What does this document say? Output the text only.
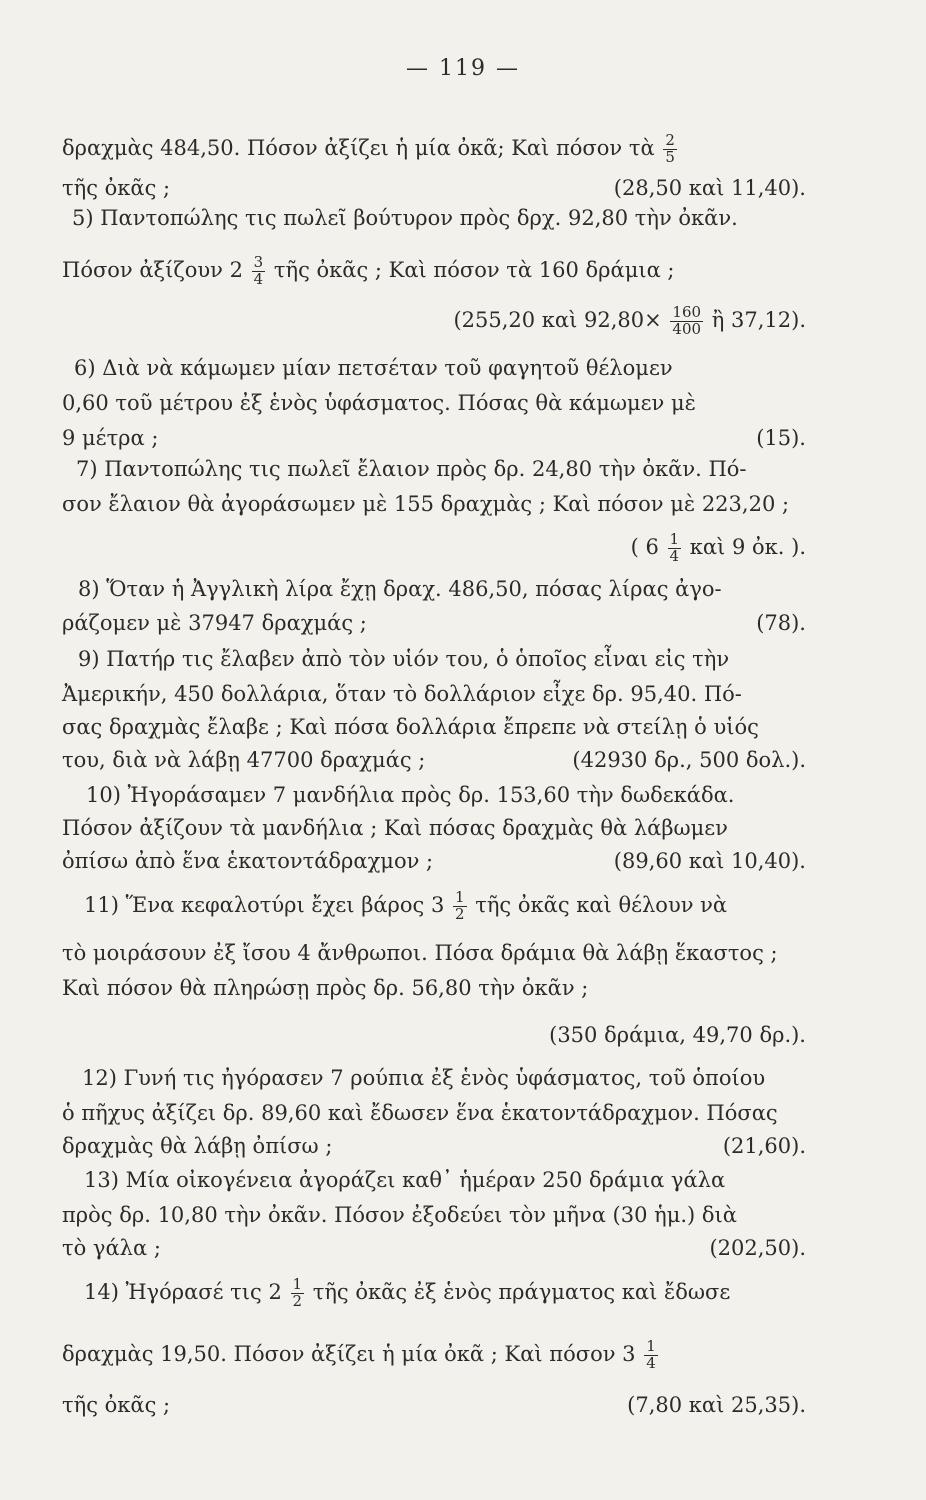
— 119 —
δραχμὰς 484,50. Πόσον ἀξίζει ἡ μία ὀκᾶ; Καὶ πόσον τὰ $\frac{2}{5}$
τῆς ὀκᾶς ;	(28,50 καὶ 11,40).
5) Παντοπώλης τις πωλεῖ βούτυρον πρὸς δρχ. 92,80 τὴν ὀκᾶν.
Πόσον ἀξίζουν $2 \frac{3}{4}$ τῆς ὀκᾶς ; Καὶ πόσον τὰ 160 δράμια ;
(255,20 καὶ $92,80\times \frac{160}{400}$ ἢ 37,12).
6) Διὰ νὰ κάμωμεν μίαν πετσέταν τοῦ φαγητοῦ θέλομεν
0,60 τοῦ μέτρου ἐξ ἑνὸς ὑφάσματος. Πόσας θὰ κάμωμεν μὲ
9 μέτρα ;	(15).
7) Παντοπώλης τις πωλεῖ ἔλαιον πρὸς δρ. 24,80 τὴν ὀκᾶν. Πό-
σον ἔλαιον θὰ ἀγοράσωμεν μὲ 155 δραχμὰς ; Καὶ πόσον μὲ 223,20 ;
( $6 \frac{1}{4}$ καὶ 9 ὀκ. ).
8) Ὅταν ἡ Ἀγγλικὴ λίρα ἔχῃ δραχ. 486,50, πόσας λίρας ἀγο-
ράζομεν μὲ 37947 δραχμάς ;	(78).
9) Πατήρ τις ἔλαβεν ἀπὸ τὸν υἱόν του, ὁ ὁποῖος εἶναι εἰς τὴν
Ἀμερικήν, 450 δολλάρια, ὅταν τὸ δολλάριον εἶχε δρ. 95,40. Πό-
σας δραχμὰς ἔλαβε ; Καὶ πόσα δολλάρια ἔπρεπε νὰ στείλῃ ὁ υἱός
του, διὰ νὰ λάβῃ 47700 δραχμάς ;	(42930 δρ., 500 δολ.).
10) Ἠγοράσαμεν 7 μανδήλια πρὸς δρ. 153,60 τὴν δωδεκάδα.
Πόσον ἀξίζουν τὰ μανδήλια ; Καὶ πόσας δραχμὰς θὰ λάβωμεν
ὀπίσω ἀπὸ ἕνα ἑκατοντάδραχμον ;	(89,60 καὶ 10,40).
11) Ἕνα κεφαλοτύρι ἔχει βάρος $3 \frac{1}{2}$ τῆς ὀκᾶς καὶ θέλουν νὰ
τὸ μοιράσουν ἐξ ἴσου 4 ἄνθρωποι. Πόσα δράμια θὰ λάβῃ ἕκαστος ;
Καὶ πόσον θὰ πληρώσῃ πρὸς δρ. 56,80 τὴν ὀκᾶν ;
(350 δράμια, 49,70 δρ.).
12) Γυνή τις ἠγόρασεν 7 ρούπια ἐξ ἑνὸς ὑφάσματος, τοῦ ὁποίου
ὁ πῆχυς ἀξίζει δρ. 89,60 καὶ ἔδωσεν ἕνα ἑκατοντάδραχμον. Πόσας
δραχμὰς θὰ λάβῃ ὀπίσω ;	(21,60).
13) Μία οἰκογένεια ἀγοράζει καθ᾽ ἡμέραν 250 δράμια γάλα
πρὸς δρ. 10,80 τὴν ὀκᾶν. Πόσον ἐξοδεύει τὸν μῆνα (30 ἡμ.) διὰ
τὸ γάλα ;	(202,50).
14) Ἠγόρασέ τις $2 \frac{1}{2}$ τῆς ὀκᾶς ἐξ ἑνὸς πράγματος καὶ ἔδωσε
δραχμὰς 19,50. Πόσον ἀξίζει ἡ μία ὀκᾶ ; Καὶ πόσον $3 \frac{1}{4}$
τῆς ὀκᾶς ;	(7,80 καὶ 25,35).
